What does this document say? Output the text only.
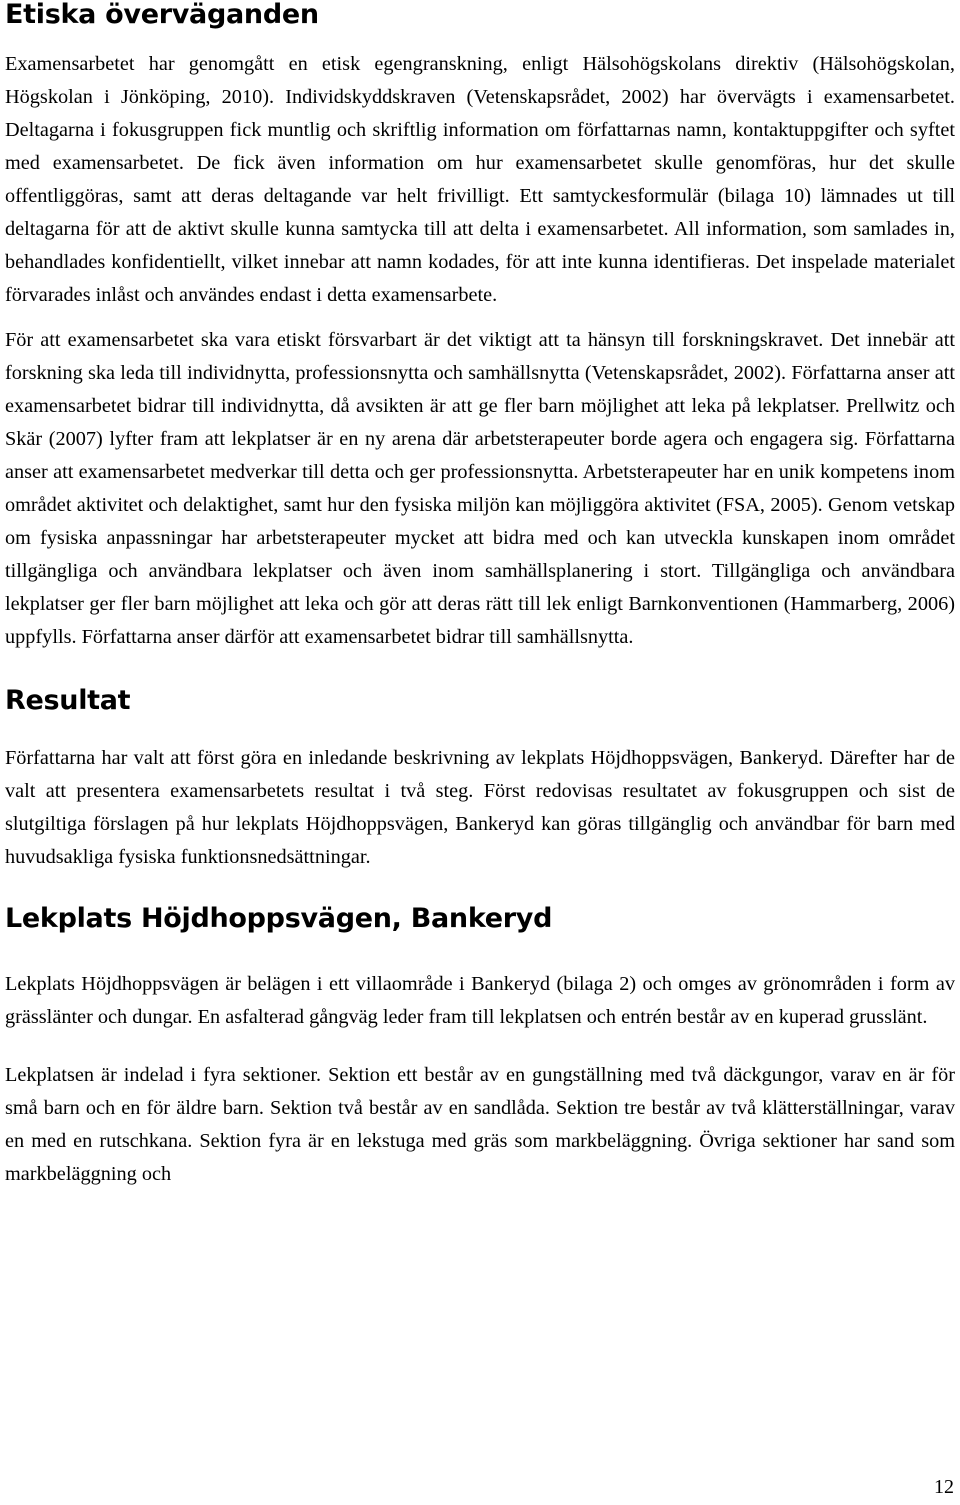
Etiska överväganden

Examensarbetet har genomgått en etisk egengranskning, enligt Hälsohögskolans direktiv (Hälsohögskolan, Högskolan i Jönköping, 2010). Individskyddskraven (Vetenskapsrådet, 2002) har övervägts i examensarbetet. Deltagarna i fokusgruppen fick muntlig och skriftlig information om författarnas namn, kontaktuppgifter och syftet med examensarbetet. De fick även information om hur examensarbetet skulle genomföras, hur det skulle offentliggöras, samt att deras deltagande var helt frivilligt. Ett samtyckesformulär (bilaga 10) lämnades ut till deltagarna för att de aktivt skulle kunna samtycka till att delta i examensarbetet. All information, som samlades in, behandlades konfidentiellt, vilket innebar att namn kodades, för att inte kunna identifieras. Det inspelade materialet förvarades inlåst och användes endast i detta examensarbete.

För att examensarbetet ska vara etiskt försvarbart är det viktigt att ta hänsyn till forskningskravet. Det innebär att forskning ska leda till individnytta, professionsnytta och samhällsnytta (Vetenskapsrådet, 2002). Författarna anser att examensarbetet bidrar till individnytta, då avsikten är att ge fler barn möjlighet att leka på lekplatser. Prellwitz och Skär (2007) lyfter fram att lekplatser är en ny arena där arbetsterapeuter borde agera och engagera sig. Författarna anser att examensarbetet medverkar till detta och ger professionsnytta. Arbetsterapeuter har en unik kompetens inom området aktivitet och delaktighet, samt hur den fysiska miljön kan möjliggöra aktivitet (FSA, 2005). Genom vetskap om fysiska anpassningar har arbetsterapeuter mycket att bidra med och kan utveckla kunskapen inom området tillgängliga och användbara lekplatser och även inom samhällsplanering i stort. Tillgängliga och användbara lekplatser ger fler barn möjlighet att leka och gör att deras rätt till lek enligt Barnkonventionen (Hammarberg, 2006) uppfylls. Författarna anser därför att examensarbetet bidrar till samhällsnytta.

Resultat

Författarna har valt att först göra en inledande beskrivning av lekplats Höjdhoppsvägen, Bankeryd. Därefter har de valt att presentera examensarbetets resultat i två steg. Först redovisas resultatet av fokusgruppen och sist de slutgiltiga förslagen på hur lekplats Höjdhoppsvägen, Bankeryd kan göras tillgänglig och användbar för barn med huvudsakliga fysiska funktionsnedsättningar.

Lekplats Höjdhoppsvägen, Bankeryd

Lekplats Höjdhoppsvägen är belägen i ett villaområde i Bankeryd (bilaga 2) och omges av grönområden i form av grässlänter och dungar. En asfalterad gångväg leder fram till lekplatsen och entrén består av en kuperad grusslänt.

Lekplatsen är indelad i fyra sektioner. Sektion ett består av en gungställning med två däckgungor, varav en är för små barn och en för äldre barn. Sektion två består av en sandlåda. Sektion tre består av två klätterställningar, varav en med en rutschkana. Sektion fyra är en lekstuga med gräs som markbeläggning. Övriga sektioner har sand som markbeläggning och

12
